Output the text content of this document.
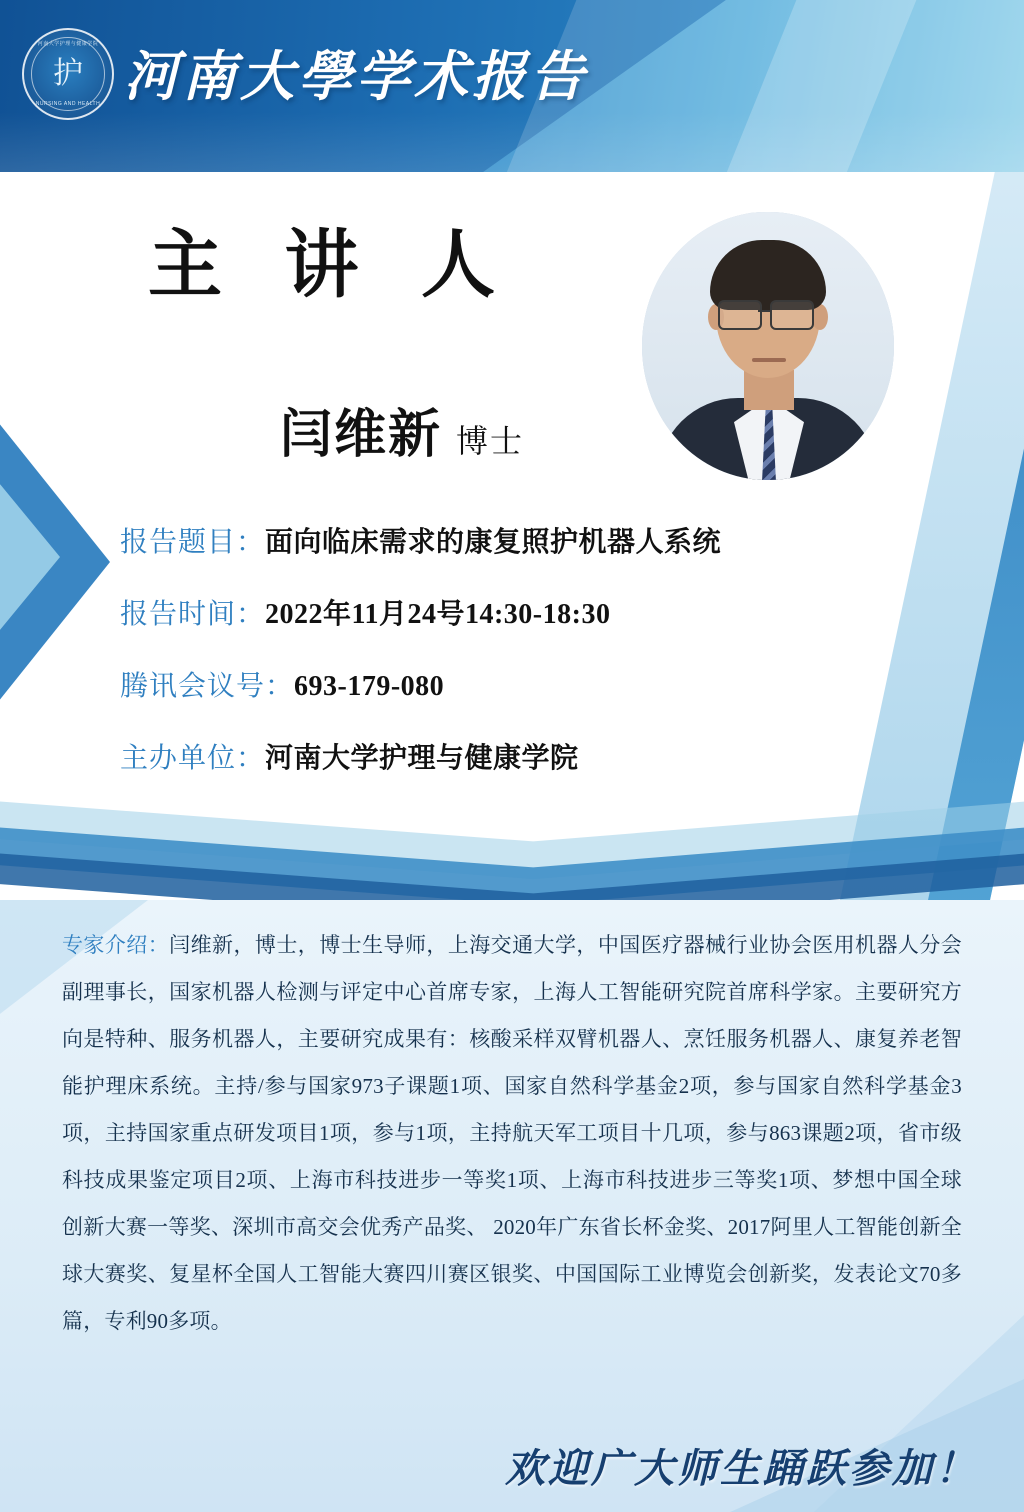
河南大学护理与健康学院
护
NURSING AND HEALTH 河南大學学术报告
主 讲 人
闫维新 博士
报告题目： 面向临床需求的康复照护机器人系统
报告时间： 2022年11月24号14:30-18:30
腾讯会议号： 693-179-080
主办单位： 河南大学护理与健康学院
专家介绍：闫维新，博士，博士生导师，上海交通大学，中国医疗器械行业协会医用机器人分会副理事长，国家机器人检测与评定中心首席专家，上海人工智能研究院首席科学家。主要研究方向是特种、服务机器人，主要研究成果有：核酸采样双臂机器人、烹饪服务机器人、康复养老智能护理床系统。主持/参与国家973子课题1项、国家自然科学基金2项，参与国家自然科学基金3项，主持国家重点研发项目1项，参与1项，主持航天军工项目十几项，参与863课题2项，省市级科技成果鉴定项目2项、上海市科技进步一等奖1项、上海市科技进步三等奖1项、梦想中国全球创新大赛一等奖、深圳市高交会优秀产品奖、 2020年广东省长杯金奖、2017阿里人工智能创新全球大赛奖、复星杯全国人工智能大赛四川赛区银奖、中国国际工业博览会创新奖，发表论文70多篇，专利90多项。
欢迎广大师生踊跃参加！
